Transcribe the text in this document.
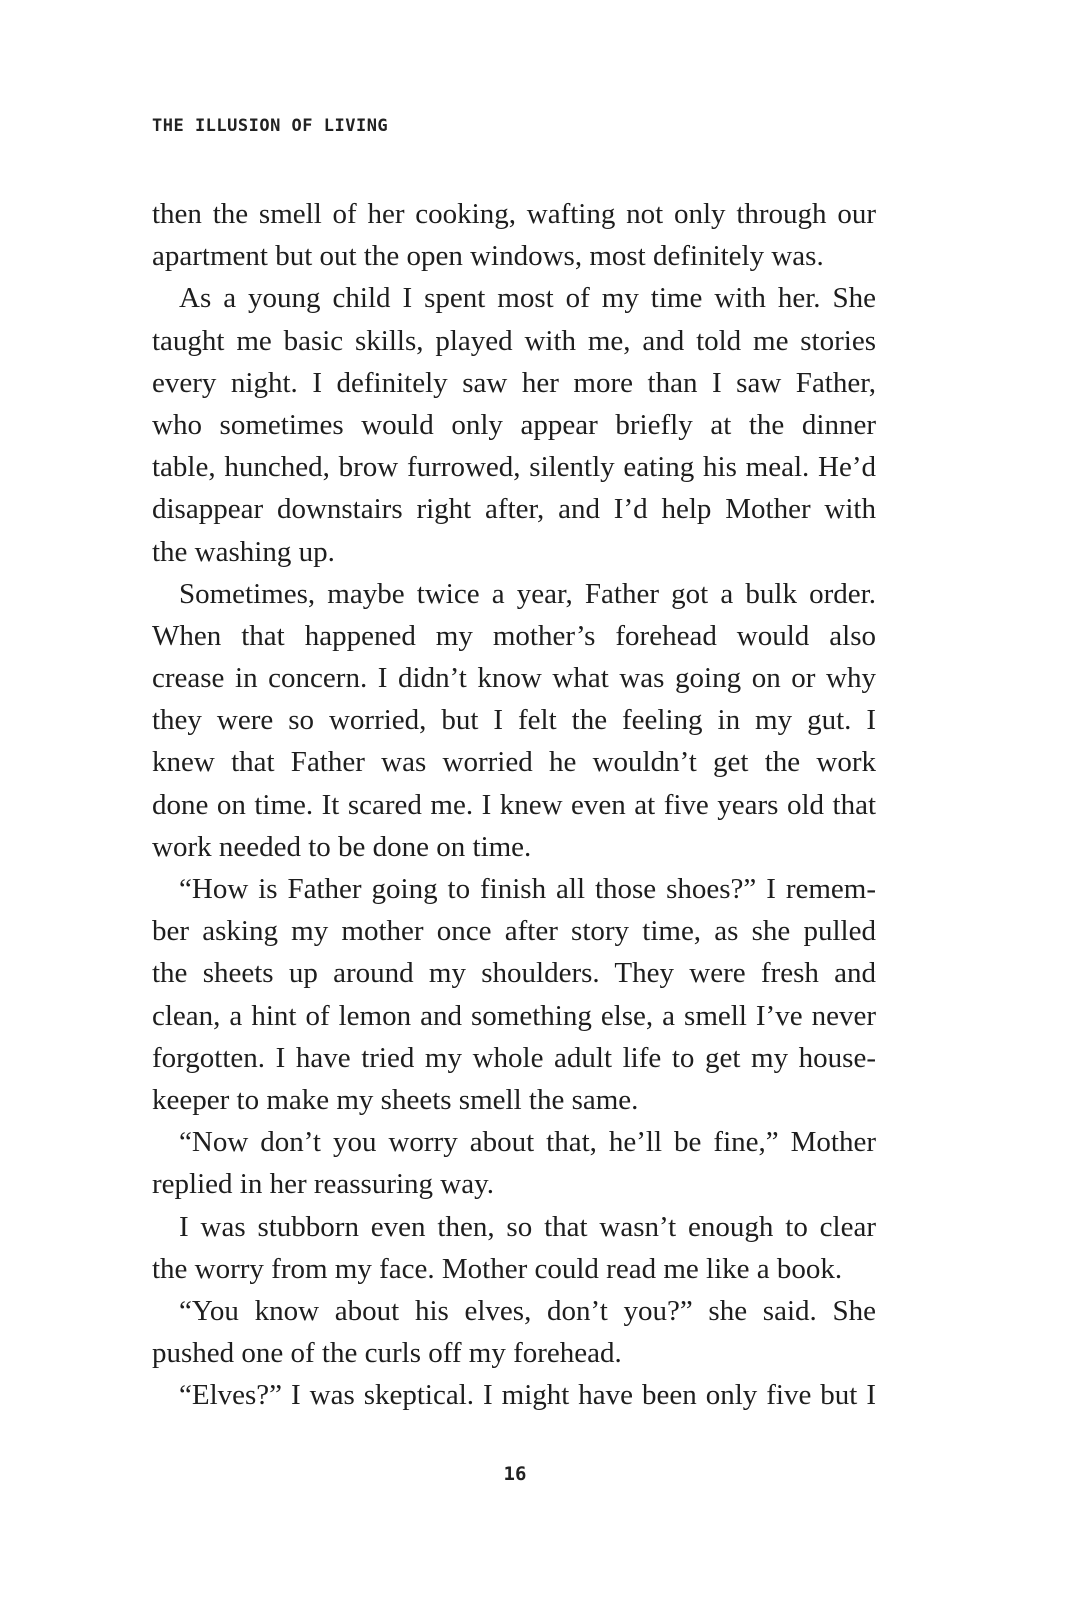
THE ILLUSION OF LIVING
then the smell of her cooking, wafting not only through our
apartment but out the open windows, most definitely was.
As a young child I spent most of my time with her. She
taught me basic skills, played with me, and told me stories
every night. I definitely saw her more than I saw Father,
who sometimes would only appear briefly at the dinner
table, hunched, brow furrowed, silently eating his meal. He’d
disappear downstairs right after, and I’d help Mother with
the washing up.
Sometimes, maybe twice a year, Father got a bulk order.
When that happened my mother’s forehead would also
crease in concern. I didn’t know what was going on or why
they were so worried, but I felt the feeling in my gut. I
knew that Father was worried he wouldn’t get the work
done on time. It scared me. I knew even at five years old that
work needed to be done on time.
“How is Father going to finish all those shoes?” I remem-
ber asking my mother once after story time, as she pulled
the sheets up around my shoulders. They were fresh and
clean, a hint of lemon and something else, a smell I’ve never
forgotten. I have tried my whole adult life to get my house-
keeper to make my sheets smell the same.
“Now don’t you worry about that, he’ll be fine,” Mother
replied in her reassuring way.
I was stubborn even then, so that wasn’t enough to clear
the worry from my face. Mother could read me like a book.
“You know about his elves, don’t you?” she said. She
pushed one of the curls off my forehead.
“Elves?” I was skeptical. I might have been only five but I
16
